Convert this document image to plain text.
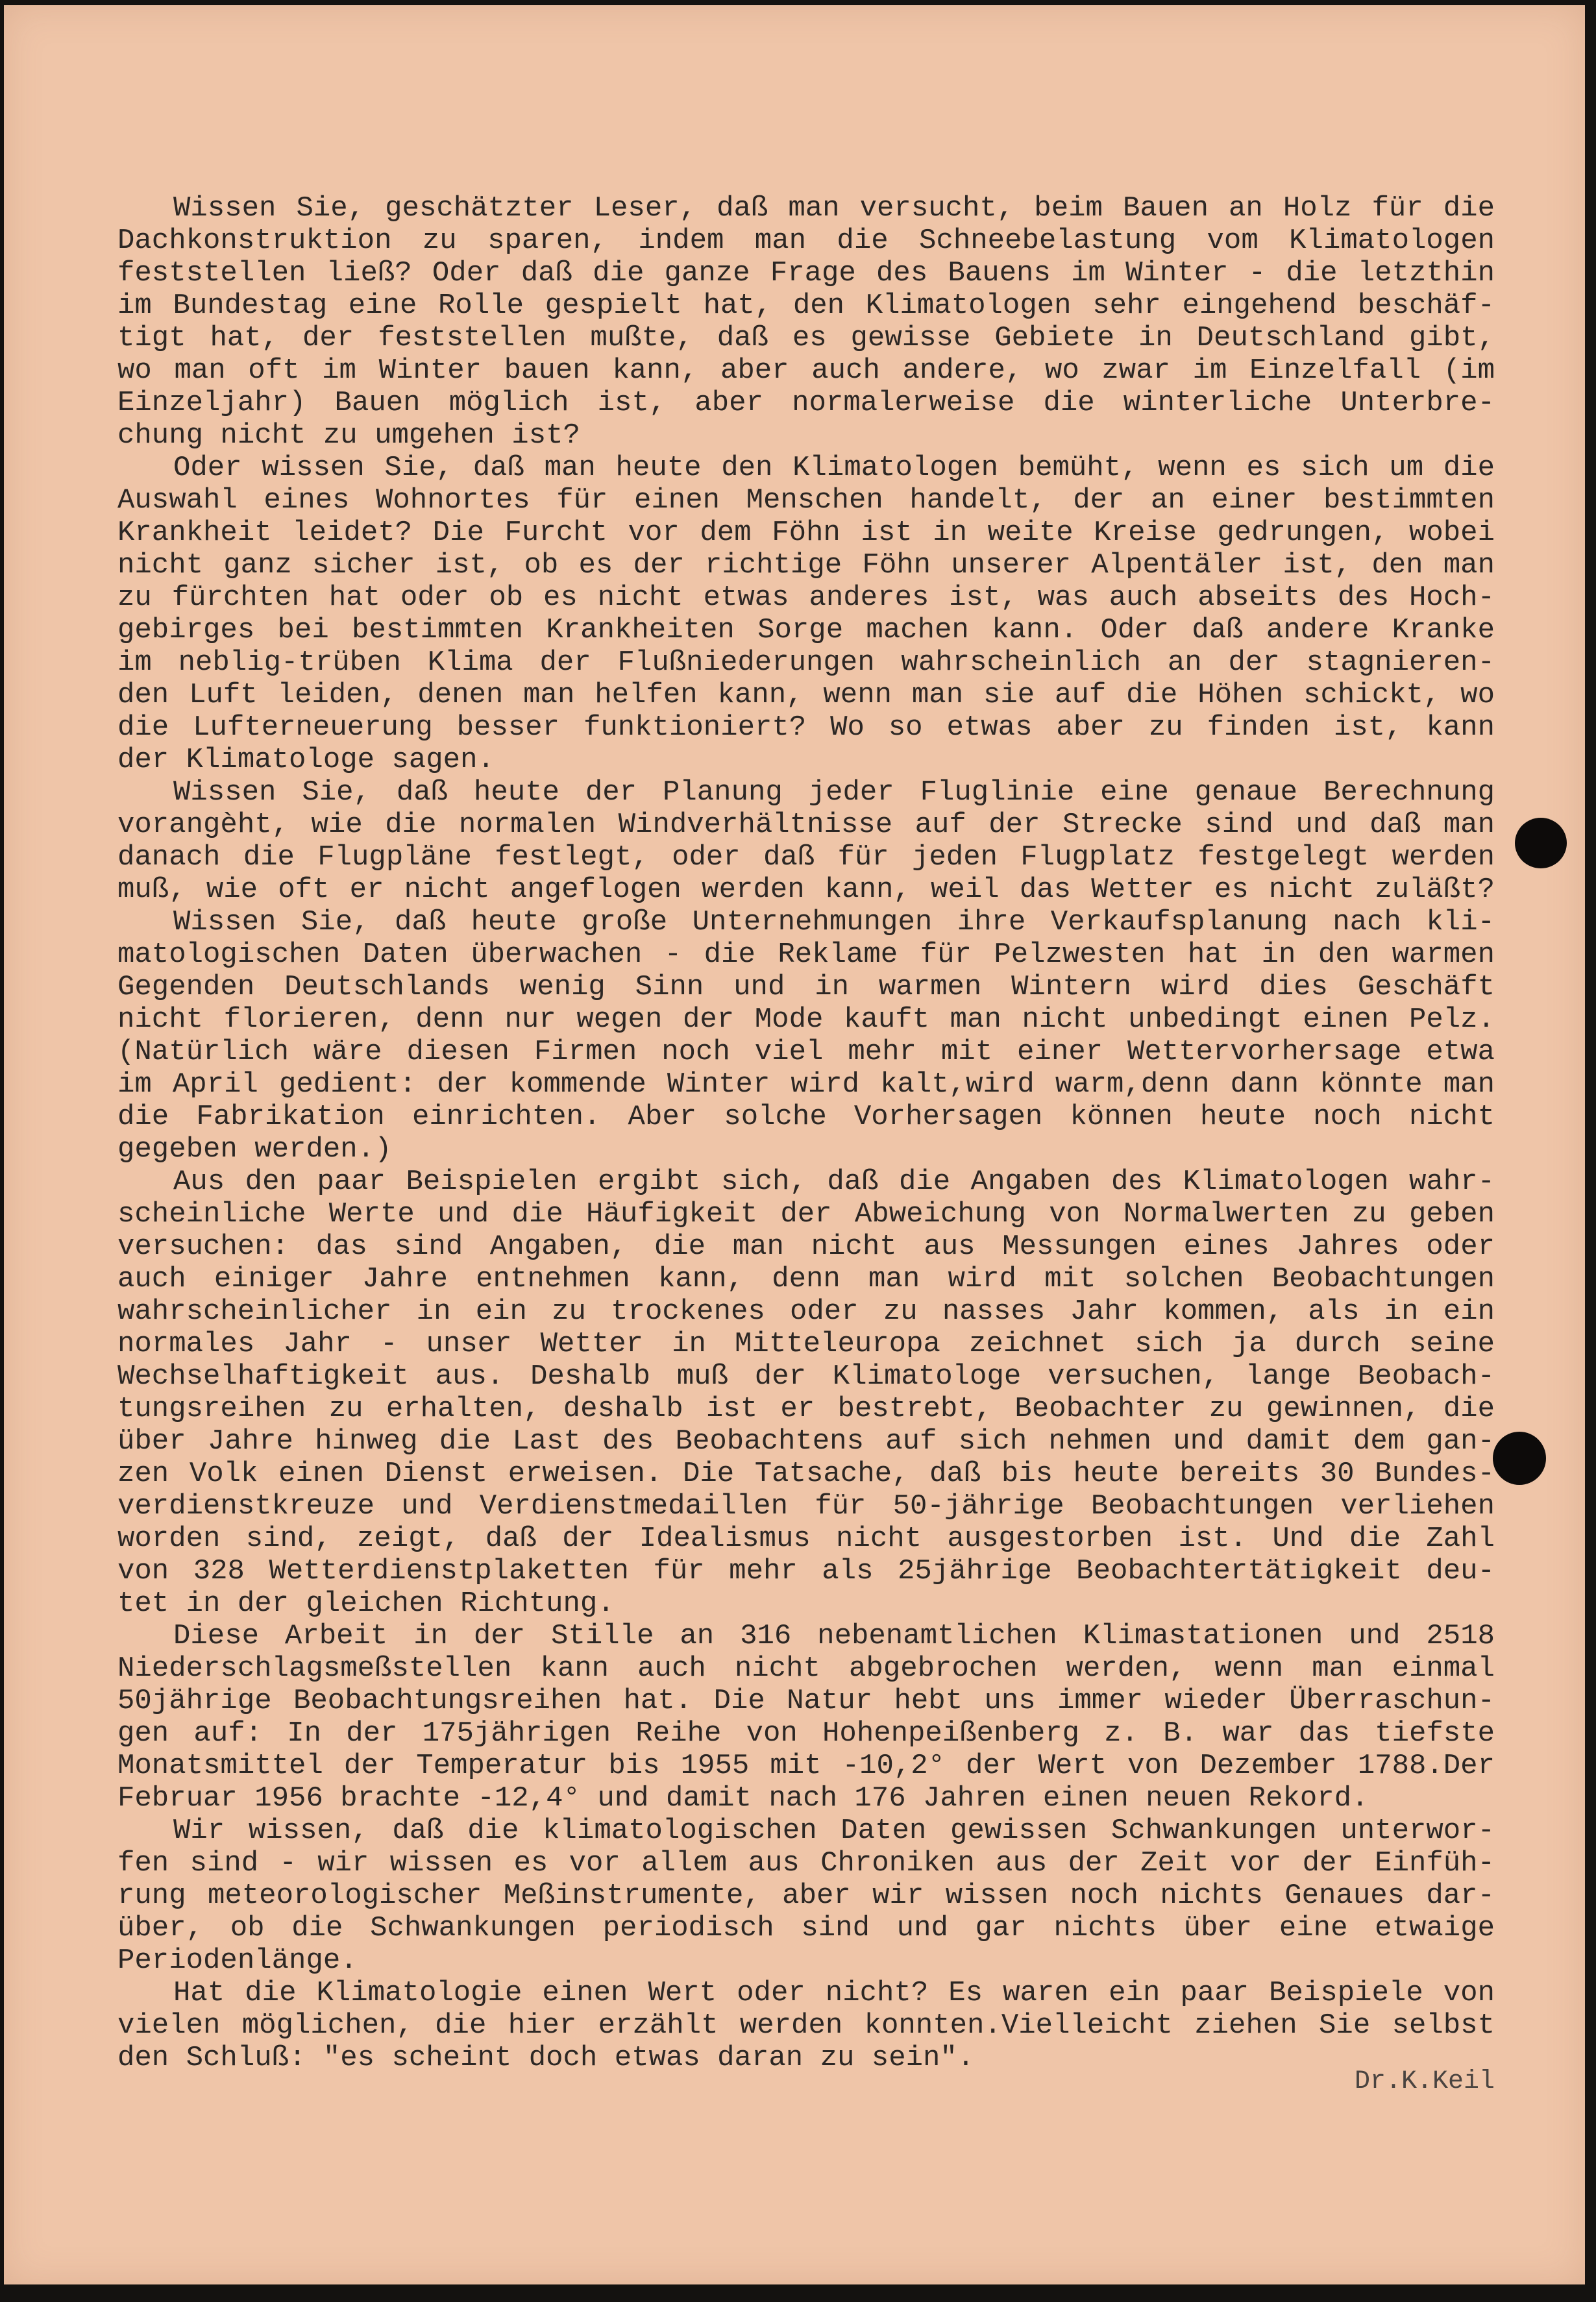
Wissen Sie, geschätzter Leser, daß man versucht, beim Bauen an Holz für die
Dachkonstruktion zu sparen, indem man die Schneebelastung vom Klimatologen
feststellen ließ? Oder daß die ganze Frage des Bauens im Winter - die letzthin
im Bundestag eine Rolle gespielt hat, den Klimatologen sehr eingehend beschäf-
tigt hat, der feststellen mußte, daß es gewisse Gebiete in Deutschland gibt,
wo man oft im Winter bauen kann, aber auch andere, wo zwar im Einzelfall (im
Einzeljahr) Bauen möglich ist, aber normalerweise die winterliche Unterbre-
chung nicht zu umgehen ist?
Oder wissen Sie, daß man heute den Klimatologen bemüht, wenn es sich um die
Auswahl eines Wohnortes für einen Menschen handelt, der an einer bestimmten
Krankheit leidet? Die Furcht vor dem Föhn ist in weite Kreise gedrungen, wobei
nicht ganz sicher ist, ob es der richtige Föhn unserer Alpentäler ist, den man
zu fürchten hat oder ob es nicht etwas anderes ist, was auch abseits des Hoch-
gebirges bei bestimmten Krankheiten Sorge machen kann. Oder daß andere Kranke
im neblig-trüben Klima der Flußniederungen wahrscheinlich an der stagnieren-
den Luft leiden, denen man helfen kann, wenn man sie auf die Höhen schickt, wo
die Lufterneuerung besser funktioniert? Wo so etwas aber zu finden ist, kann
der Klimatologe sagen.
Wissen Sie, daß heute der Planung jeder Fluglinie eine genaue Berechnung
vorangèht, wie die normalen Windverhältnisse auf der Strecke sind und daß man
danach die Flugpläne festlegt, oder daß für jeden Flugplatz festgelegt werden
muß, wie oft er nicht angeflogen werden kann, weil das Wetter es nicht zuläßt?
Wissen Sie, daß heute große Unternehmungen ihre Verkaufsplanung nach kli-
matologischen Daten überwachen - die Reklame für Pelzwesten hat in den warmen
Gegenden Deutschlands wenig Sinn und in warmen Wintern wird dies Geschäft
nicht florieren, denn nur wegen der Mode kauft man nicht unbedingt einen Pelz.
(Natürlich wäre diesen Firmen noch viel mehr mit einer Wettervorhersage etwa
im April gedient: der kommende Winter wird kalt,wird warm,denn dann könnte man
die Fabrikation einrichten. Aber solche Vorhersagen können heute noch nicht
gegeben werden.)
Aus den paar Beispielen ergibt sich, daß die Angaben des Klimatologen wahr-
scheinliche Werte und die Häufigkeit der Abweichung von Normalwerten zu geben
versuchen: das sind Angaben, die man nicht aus Messungen eines Jahres oder
auch einiger Jahre entnehmen kann, denn man wird mit solchen Beobachtungen
wahrscheinlicher in ein zu trockenes oder zu nasses Jahr kommen, als in ein
normales Jahr - unser Wetter in Mitteleuropa zeichnet sich ja durch seine
Wechselhaftigkeit aus. Deshalb muß der Klimatologe versuchen, lange Beobach-
tungsreihen zu erhalten, deshalb ist er bestrebt, Beobachter zu gewinnen, die
über Jahre hinweg die Last des Beobachtens auf sich nehmen und damit dem gan-
zen Volk einen Dienst erweisen. Die Tatsache, daß bis heute bereits 30 Bundes-
verdienstkreuze und Verdienstmedaillen für 50-jährige Beobachtungen verliehen
worden sind, zeigt, daß der Idealismus nicht ausgestorben ist. Und die Zahl
von 328 Wetterdienstplaketten für mehr als 25jährige Beobachtertätigkeit deu-
tet in der gleichen Richtung.
Diese Arbeit in der Stille an 316 nebenamtlichen Klimastationen und 2518
Niederschlagsmeßstellen kann auch nicht abgebrochen werden, wenn man einmal
50jährige Beobachtungsreihen hat. Die Natur hebt uns immer wieder Überraschun-
gen auf: In der 175jährigen Reihe von Hohenpeißenberg z. B. war das tiefste
Monatsmittel der Temperatur bis 1955 mit -10,2° der Wert von Dezember 1788.Der
Februar 1956 brachte -12,4° und damit nach 176 Jahren einen neuen Rekord.
Wir wissen, daß die klimatologischen Daten gewissen Schwankungen unterwor-
fen sind - wir wissen es vor allem aus Chroniken aus der Zeit vor der Einfüh-
rung meteorologischer Meßinstrumente, aber wir wissen noch nichts Genaues dar-
über, ob die Schwankungen periodisch sind und gar nichts über eine etwaige
Periodenlänge.
Hat die Klimatologie einen Wert oder nicht? Es waren ein paar Beispiele von
vielen möglichen, die hier erzählt werden konnten.Vielleicht ziehen Sie selbst
den Schluß: "es scheint doch etwas daran zu sein".
Dr.K.Keil
